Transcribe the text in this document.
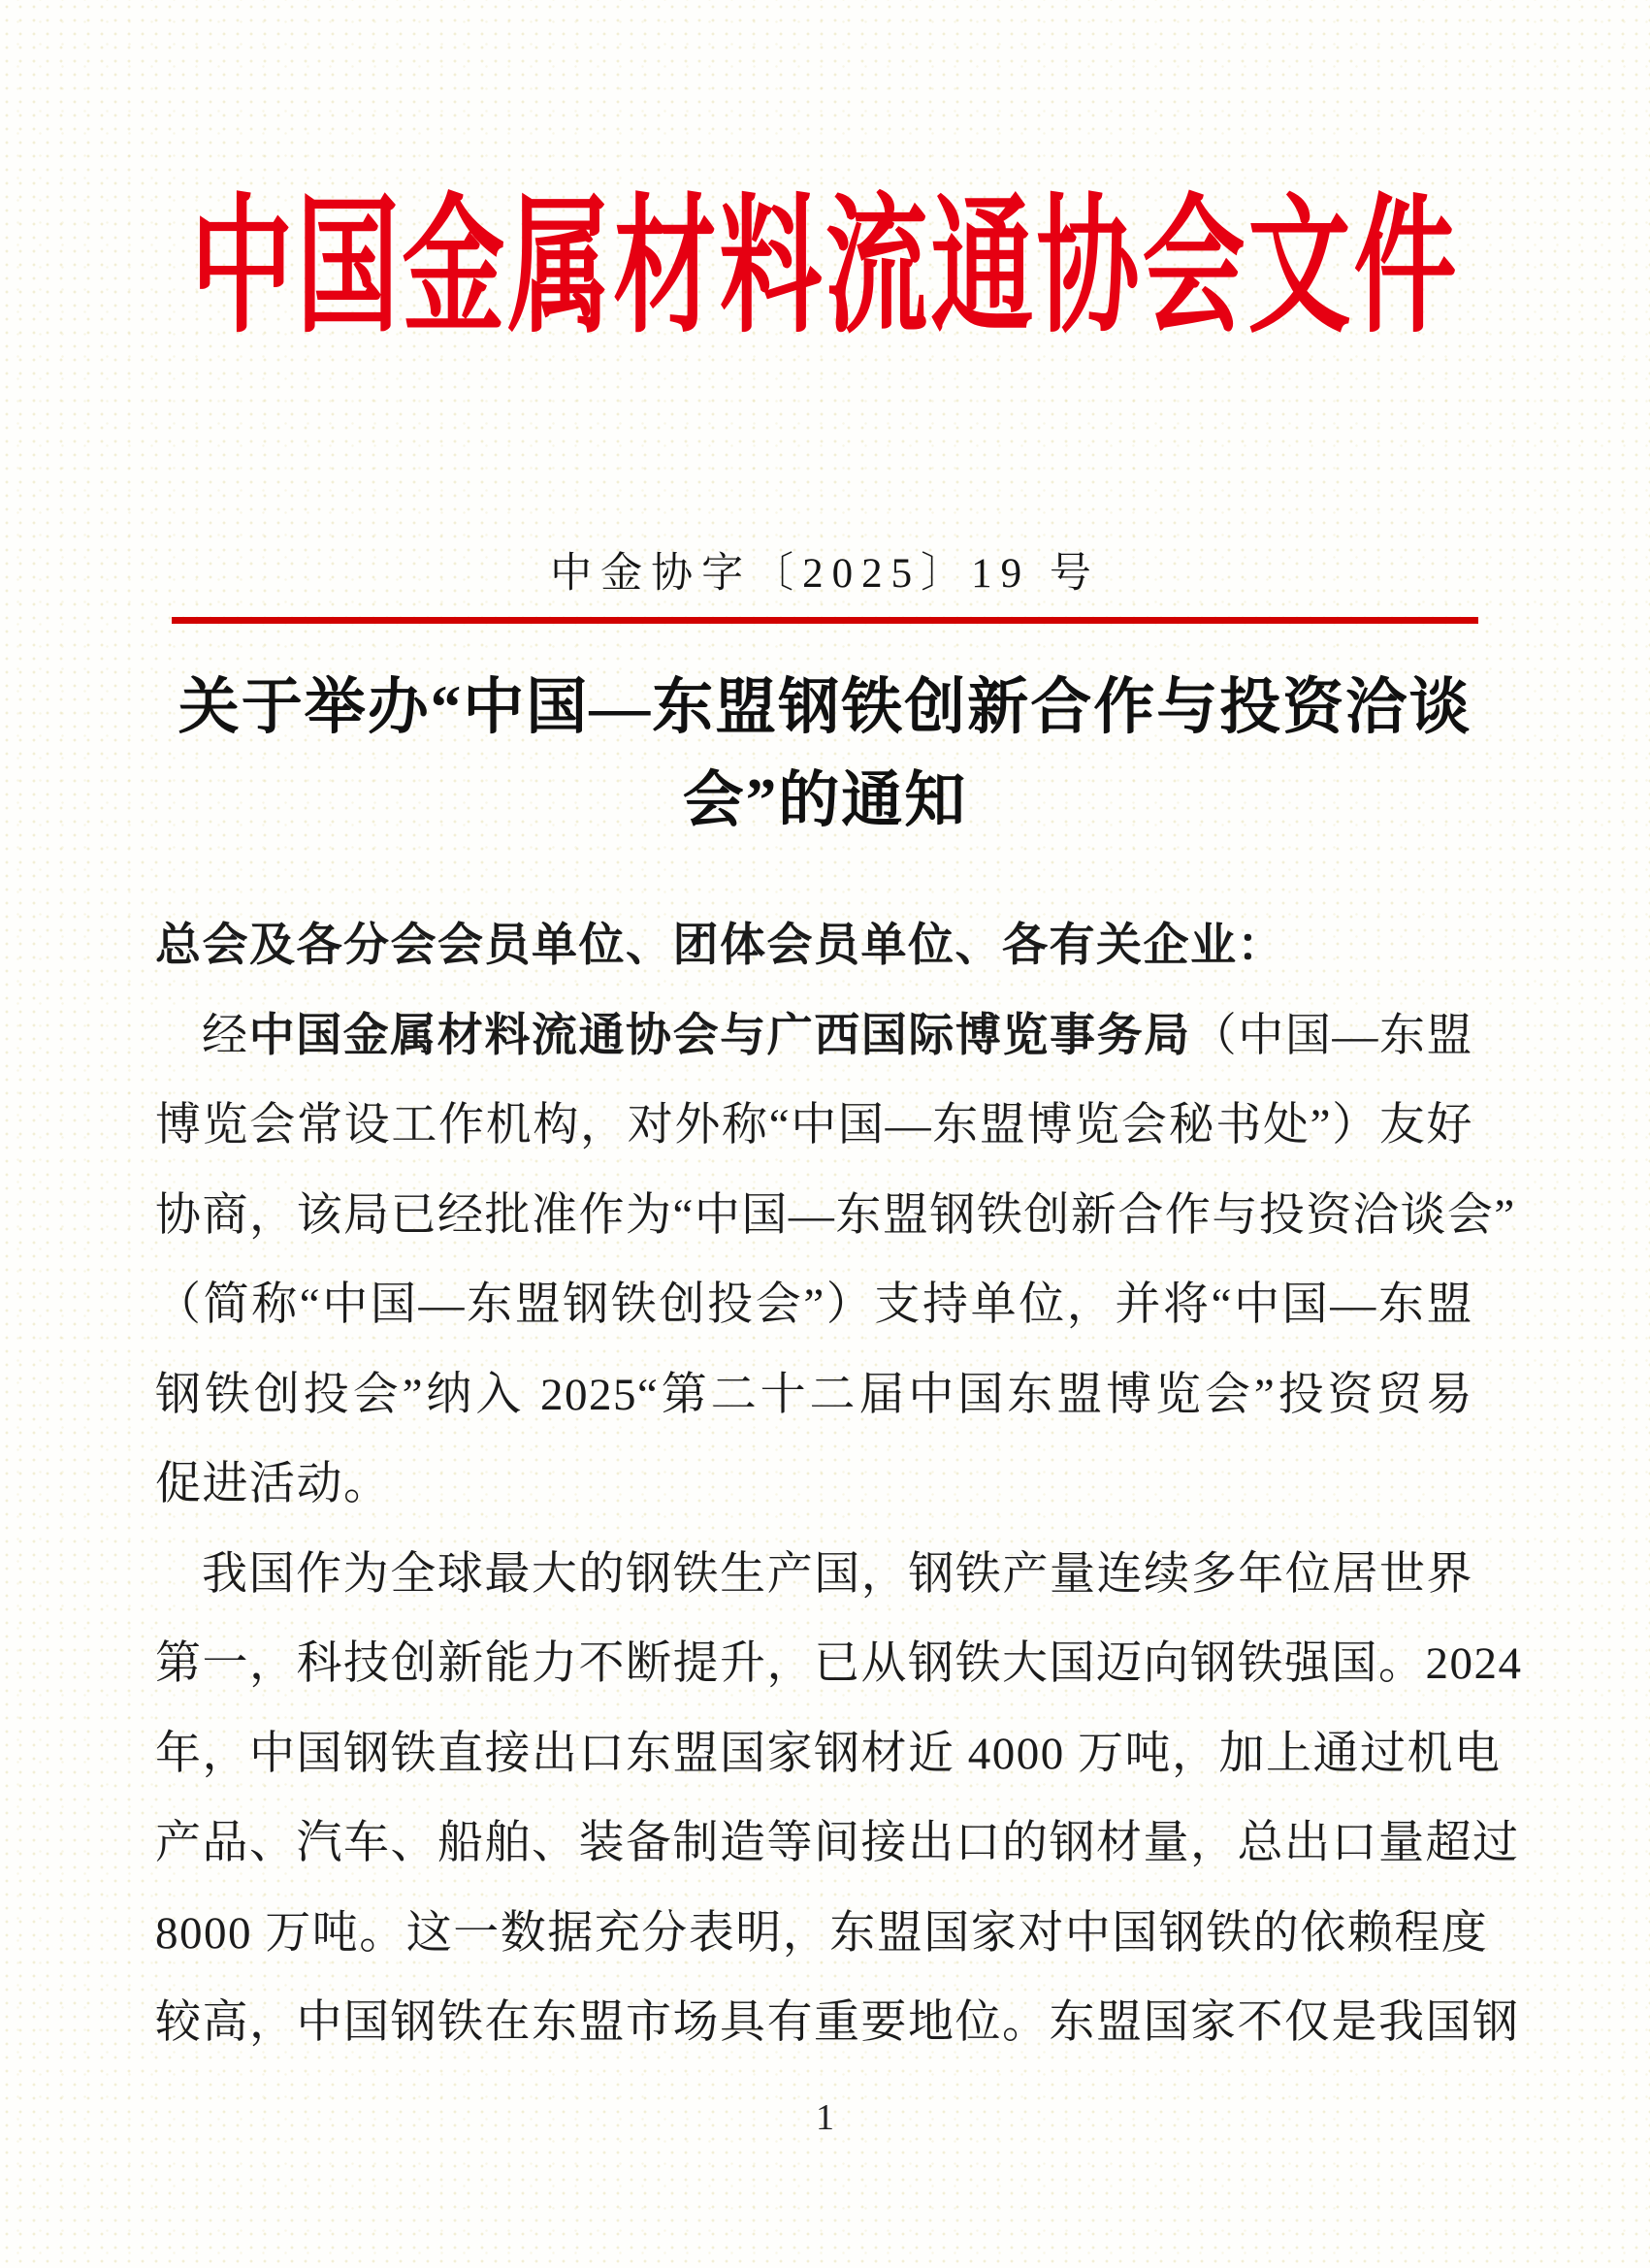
中国金属材料流通协会文件
中金协字〔2025〕19 号
关于举办“中国—东盟钢铁创新合作与投资洽谈
会”的通知
总会及各分会会员单位、团体会员单位、各有关企业：
经中国金属材料流通协会与广西国际博览事务局（中国—东盟
博览会常设工作机构，对外称“中国—东盟博览会秘书处”）友好
协商，该局已经批准作为“中国—东盟钢铁创新合作与投资洽谈会”
（简称“中国—东盟钢铁创投会”）支持单位，并将“中国—东盟
钢铁创投会”纳入 2025“第二十二届中国东盟博览会”投资贸易
促进活动。
我国作为全球最大的钢铁生产国，钢铁产量连续多年位居世界
第一，科技创新能力不断提升，已从钢铁大国迈向钢铁强国。2024
年，中国钢铁直接出口东盟国家钢材近 4000 万吨，加上通过机电
产品、汽车、船舶、装备制造等间接出口的钢材量，总出口量超过
8000 万吨。这一数据充分表明，东盟国家对中国钢铁的依赖程度
较高，中国钢铁在东盟市场具有重要地位。东盟国家不仅是我国钢
1
